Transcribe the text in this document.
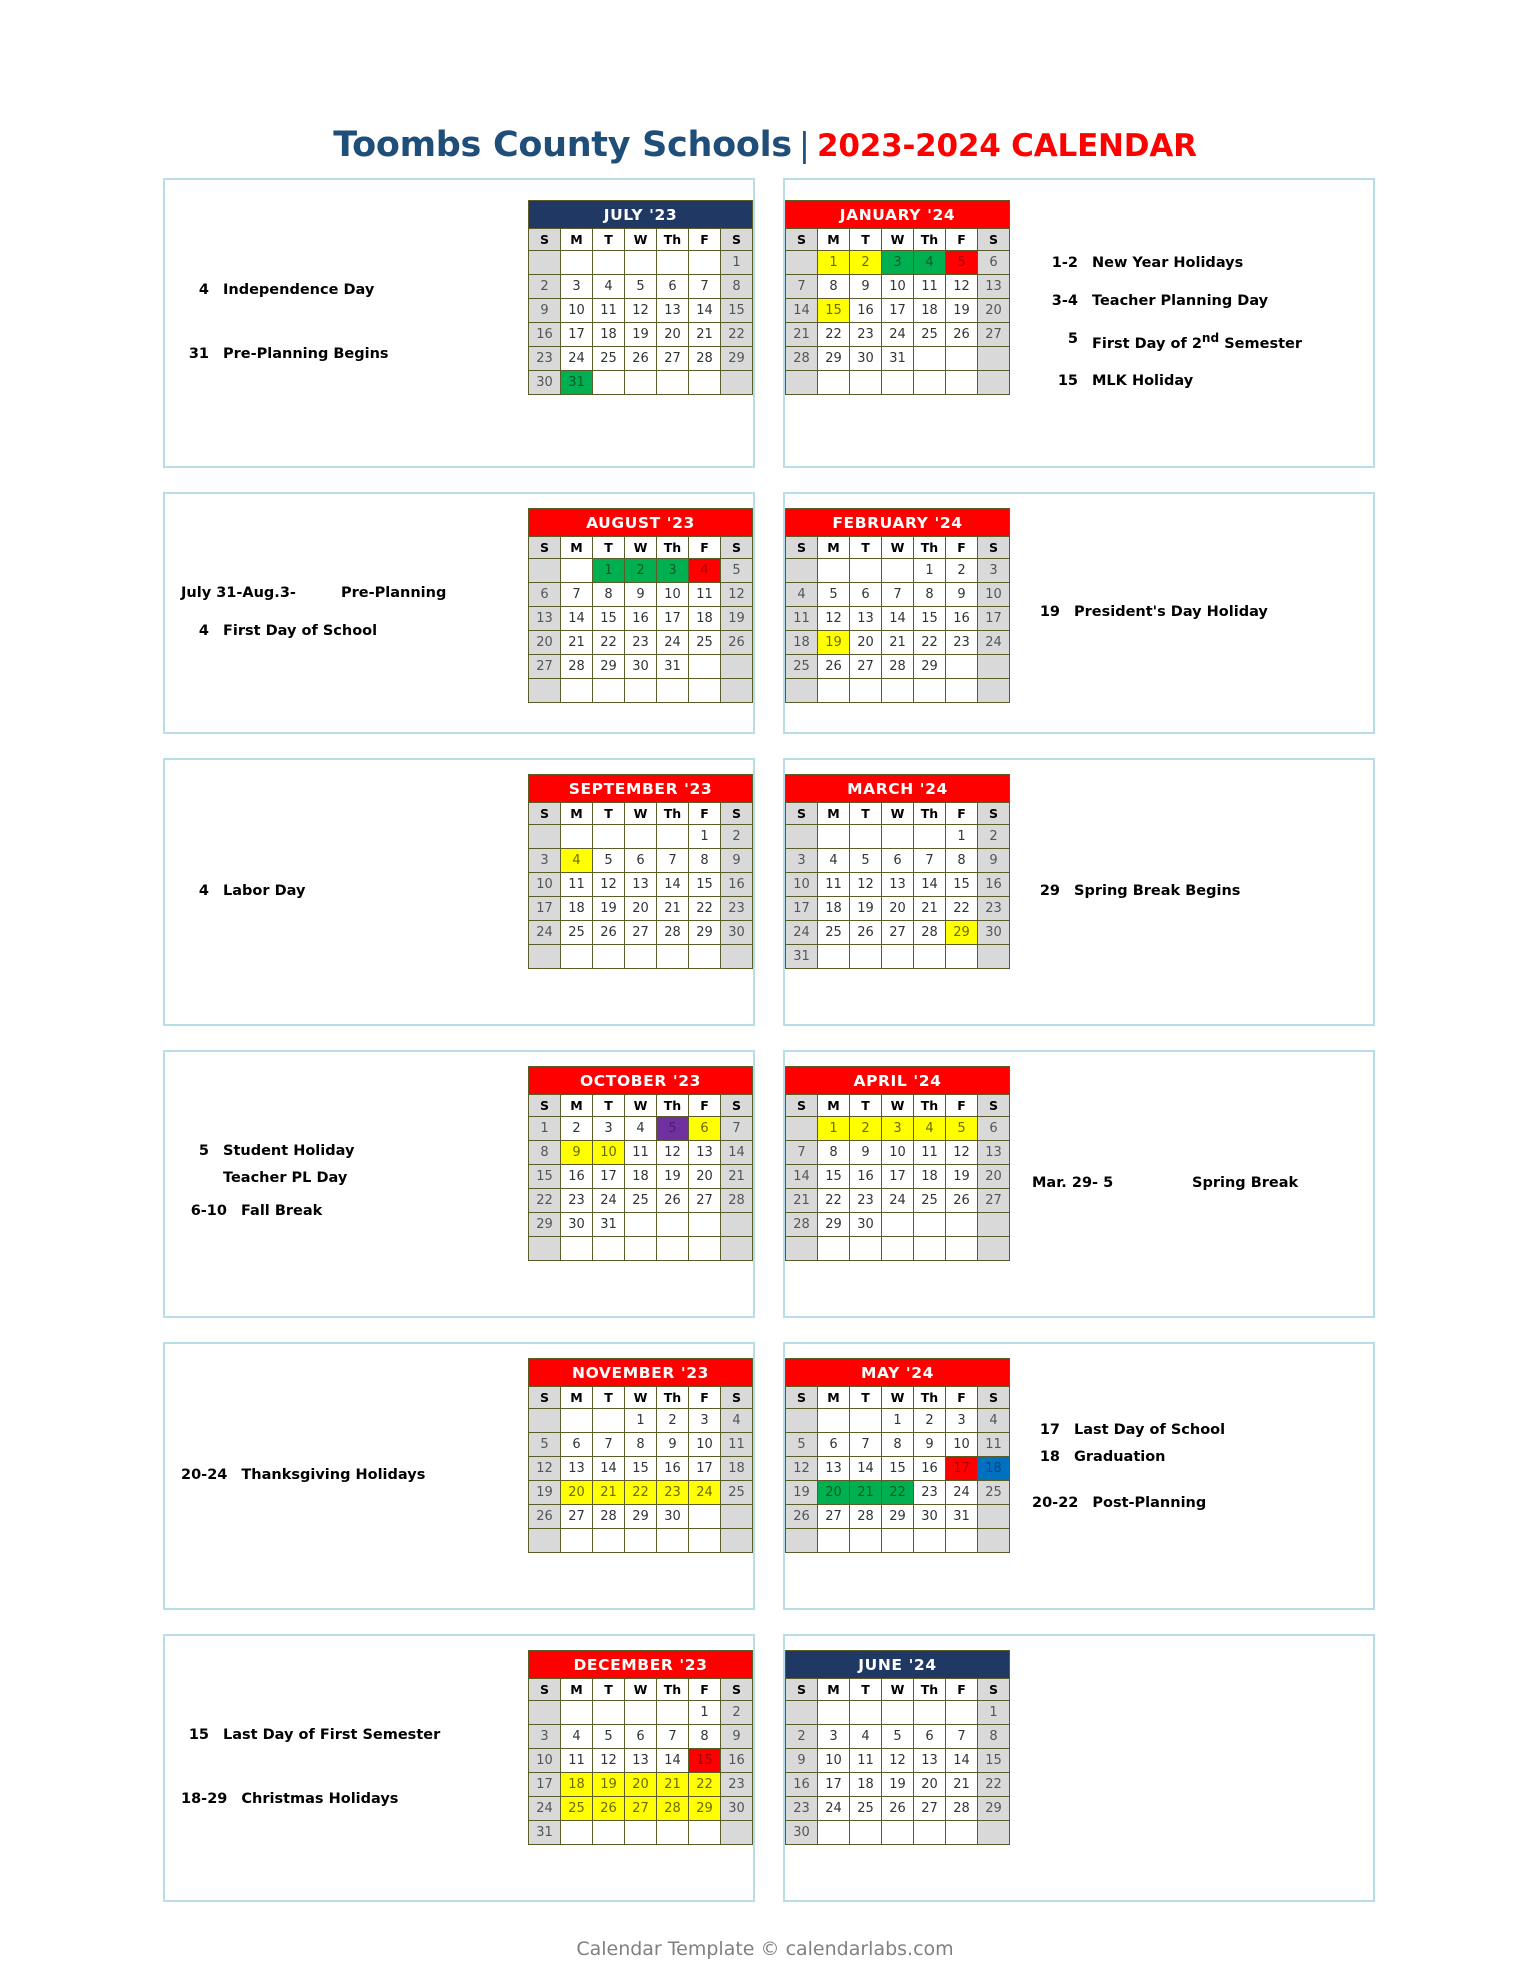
Toombs County Schools | 2023-2024 CALENDAR
4 Independence Day
31 Pre-Planning Begins
JULY '23						
S	M	T	W	Th	F	S
						1
2	3	4	5	6	7	8
9	10	11	12	13	14	15
16	17	18	19	20	21	22
23	24	25	26	27	28	29
30	31					
JANUARY '24						
S	M	T	W	Th	F	S
	1	2	3	4	5	6
7	8	9	10	11	12	13
14	15	16	17	18	19	20
21	22	23	24	25	26	27
28	29	30	31			

1-2 New Year Holidays
3-4 Teacher Planning Day
5 First Day of 2nd Semester
15 MLK Holiday
July 31-Aug.3-	Pre-Planning
4 First Day of School
AUGUST '23						
S	M	T	W	Th	F	S
		1	2	3	4	5
6	7	8	9	10	11	12
13	14	15	16	17	18	19
20	21	22	23	24	25	26
27	28	29	30	31		

FEBRUARY '24						
S	M	T	W	Th	F	S
				1	2	3
4	5	6	7	8	9	10
11	12	13	14	15	16	17
18	19	20	21	22	23	24
25	26	27	28	29		

19 President's Day Holiday
4 Labor Day
SEPTEMBER '23						
S	M	T	W	Th	F	S
					1	2
3	4	5	6	7	8	9
10	11	12	13	14	15	16
17	18	19	20	21	22	23
24	25	26	27	28	29	30

MARCH '24						
S	M	T	W	Th	F	S
					1	2
3	4	5	6	7	8	9
10	11	12	13	14	15	16
17	18	19	20	21	22	23
24	25	26	27	28	29	30
31						
29 Spring Break Begins
5 Student Holiday
Teacher PL Day
6-10 Fall Break
OCTOBER '23						
S	M	T	W	Th	F	S
1	2	3	4	5	6	7
8	9	10	11	12	13	14
15	16	17	18	19	20	21
22	23	24	25	26	27	28
29	30	31				

APRIL '24						
S	M	T	W	Th	F	S
	1	2	3	4	5	6
7	8	9	10	11	12	13
14	15	16	17	18	19	20
21	22	23	24	25	26	27
28	29	30				

Mar. 29- 5	Spring Break
20-24 Thanksgiving Holidays
NOVEMBER '23						
S	M	T	W	Th	F	S
			1	2	3	4
5	6	7	8	9	10	11
12	13	14	15	16	17	18
19	20	21	22	23	24	25
26	27	28	29	30		

MAY '24						
S	M	T	W	Th	F	S
			1	2	3	4
5	6	7	8	9	10	11
12	13	14	15	16	17	18
19	20	21	22	23	24	25
26	27	28	29	30	31	

17 Last Day of School
18 Graduation
20-22 Post-Planning
15 Last Day of First Semester
18-29 Christmas Holidays
DECEMBER '23						
S	M	T	W	Th	F	S
					1	2
3	4	5	6	7	8	9
10	11	12	13	14	15	16
17	18	19	20	21	22	23
24	25	26	27	28	29	30
31						
JUNE '24						
S	M	T	W	Th	F	S
						1
2	3	4	5	6	7	8
9	10	11	12	13	14	15
16	17	18	19	20	21	22
23	24	25	26	27	28	29
30						
Calendar Template © calendarlabs.com
